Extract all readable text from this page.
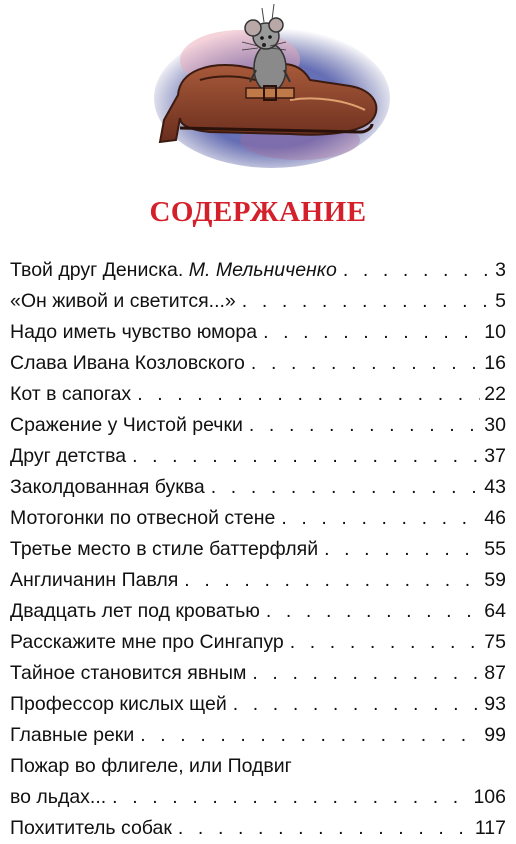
СОДЕРЖАНИЕ
Твой друг Дениска. М. Мельниченко . . .	3
«Он живой и светится...» . . .	5
Надо иметь чувство юмора . . .	10
Слава Ивана Козловского . . .	16
Кот в сапогах . . .	22
Сражение у Чистой речки . . .	30
Друг детства . . .	37
Заколдованная буква . . .	43
Мотогонки по отвесной стене . . .	46
Третье место в стиле баттерфляй . . .	55
Англичанин Павля . . .	59
Двадцать лет под кроватью . . .	64
Расскажите мне про Сингапур . . .	75
Тайное становится явным . . .	87
Профессор кислых щей . . .	93
Главные реки . . .	99
Пожар во флигеле, или Подвиг
во льдах... . . .	106
Похититель собак . . .	117
